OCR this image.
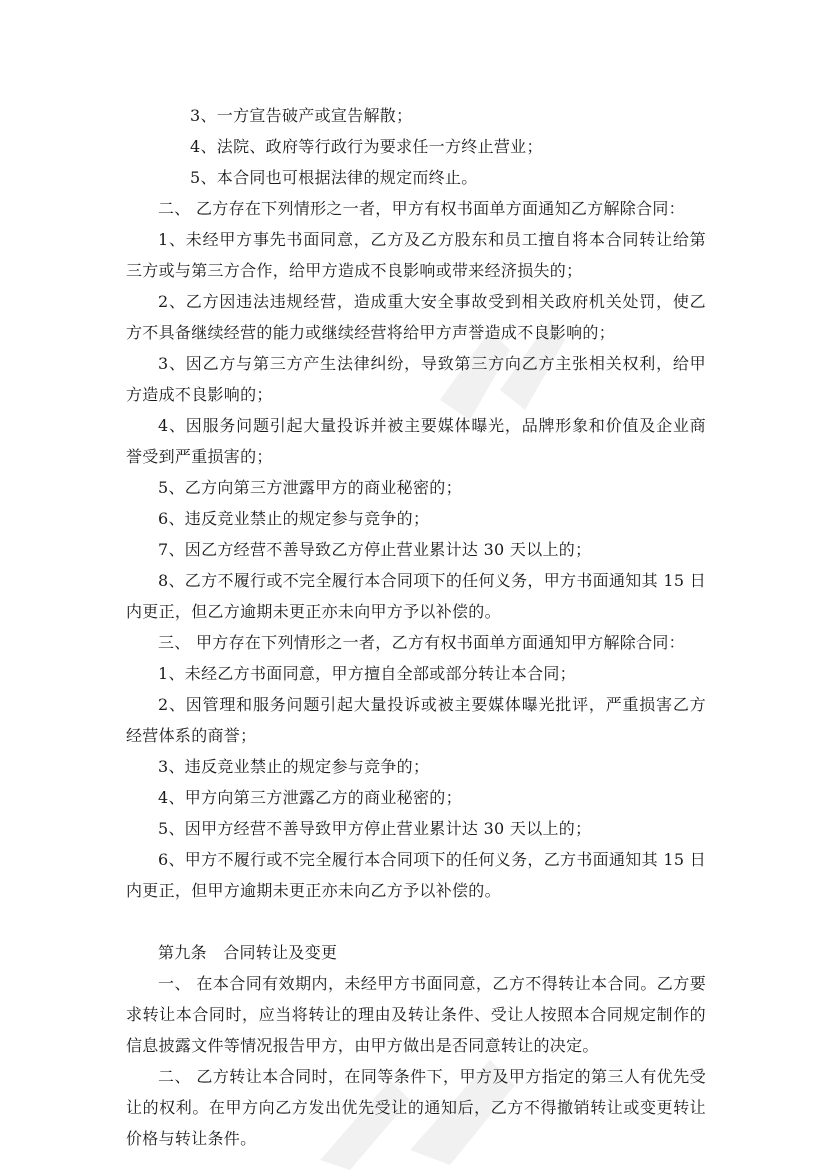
3、一方宣告破产或宣告解散；

4、法院、政府等行政行为要求任一方终止营业；

5、本合同也可根据法律的规定而终止。

二、 乙方存在下列情形之一者，甲方有权书面单方面通知乙方解除合同：

1、未经甲方事先书面同意，乙方及乙方股东和员工擅自将本合同转让给第三方或与第三方合作，给甲方造成不良影响或带来经济损失的；

2、乙方因违法违规经营，造成重大安全事故受到相关政府机关处罚，使乙方不具备继续经营的能力或继续经营将给甲方声誉造成不良影响的；

3、因乙方与第三方产生法律纠纷，导致第三方向乙方主张相关权利，给甲方造成不良影响的；

4、因服务问题引起大量投诉并被主要媒体曝光，品牌形象和价值及企业商誉受到严重损害的；

5、乙方向第三方泄露甲方的商业秘密的；

6、违反竞业禁止的规定参与竞争的；

7、因乙方经营不善导致乙方停止营业累计达 30 天以上的；

8、乙方不履行或不完全履行本合同项下的任何义务，甲方书面通知其 15 日内更正，但乙方逾期未更正亦未向甲方予以补偿的。

三、 甲方存在下列情形之一者，乙方有权书面单方面通知甲方解除合同：

1、未经乙方书面同意，甲方擅自全部或部分转让本合同；

2、因管理和服务问题引起大量投诉或被主要媒体曝光批评，严重损害乙方经营体系的商誉；

3、违反竞业禁止的规定参与竞争的；

4、甲方向第三方泄露乙方的商业秘密的；

5、因甲方经营不善导致甲方停止营业累计达 30 天以上的；

6、甲方不履行或不完全履行本合同项下的任何义务，乙方书面通知其 15 日内更正，但甲方逾期未更正亦未向乙方予以补偿的。

第九条　合同转让及变更

一、 在本合同有效期内，未经甲方书面同意，乙方不得转让本合同。乙方要求转让本合同时，应当将转让的理由及转让条件、受让人按照本合同规定制作的信息披露文件等情况报告甲方，由甲方做出是否同意转让的决定。

二、 乙方转让本合同时，在同等条件下，甲方及甲方指定的第三人有优先受让的权利。在甲方向乙方发出优先受让的通知后，乙方不得撤销转让或变更转让价格与转让条件。
